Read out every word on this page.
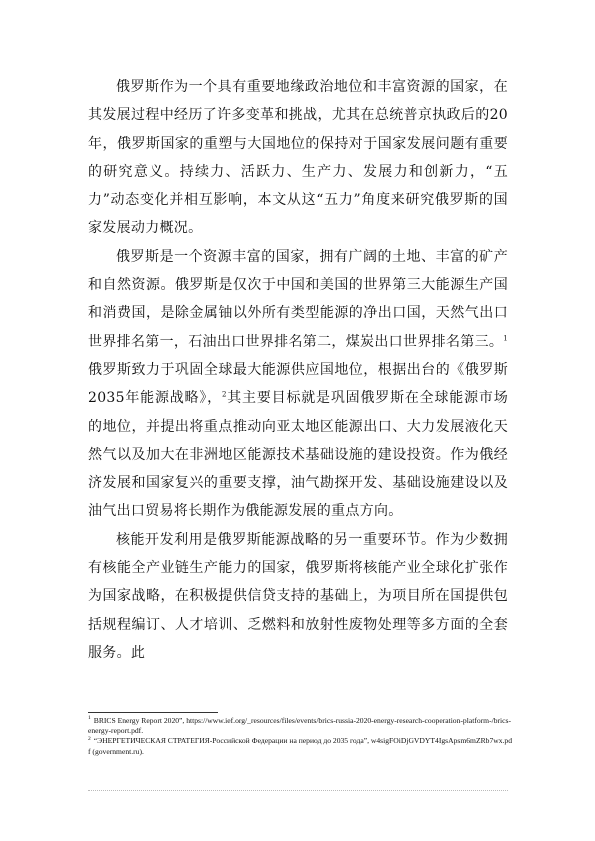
俄罗斯作为一个具有重要地缘政治地位和丰富资源的国家，在其发展过程中经历了许多变革和挑战，尤其在总统普京执政后的20年，俄罗斯国家的重塑与大国地位的保持对于国家发展问题有重要的研究意义。持续力、活跃力、生产力、发展力和创新力，“五力”动态变化并相互影响，本文从这“五力”角度来研究俄罗斯的国家发展动力概况。

俄罗斯是一个资源丰富的国家，拥有广阔的土地、丰富的矿产和自然资源。俄罗斯是仅次于中国和美国的世界第三大能源生产国和消费国，是除金属铀以外所有类型能源的净出口国，天然气出口世界排名第一，石油出口世界排名第二，煤炭出口世界排名第三。$^1$俄罗斯致力于巩固全球最大能源供应国地位，根据出台的《俄罗斯2035年能源战略》，$^2$其主要目标就是巩固俄罗斯在全球能源市场的地位，并提出将重点推动向亚太地区能源出口、大力发展液化天然气以及加大在非洲地区能源技术基础设施的建设投资。作为俄经济发展和国家复兴的重要支撑，油气勘探开发、基础设施建设以及油气出口贸易将长期作为俄能源发展的重点方向。

核能开发利用是俄罗斯能源战略的另一重要环节。作为少数拥有核能全产业链生产能力的国家，俄罗斯将核能产业全球化扩张作为国家战略，在积极提供信贷支持的基础上，为项目所在国提供包括规程编订、人才培训、乏燃料和放射性废物处理等多方面的全套服务。此

$^1$ BRICS Energy Report 2020”, https://www.ief.org/_resources/files/events/brics-russia-2020-energy-research-cooperation-platform-/brics-energy-report.pdf.

$^2$ “ЭНЕРГЕТИЧЕСКАЯ СТРАТЕГИЯ-Российской Федерации на период до 2035 года”, w4sigFOiDjGVDYT4IgsApsm6mZRb7wx.pdf (government.ru).
